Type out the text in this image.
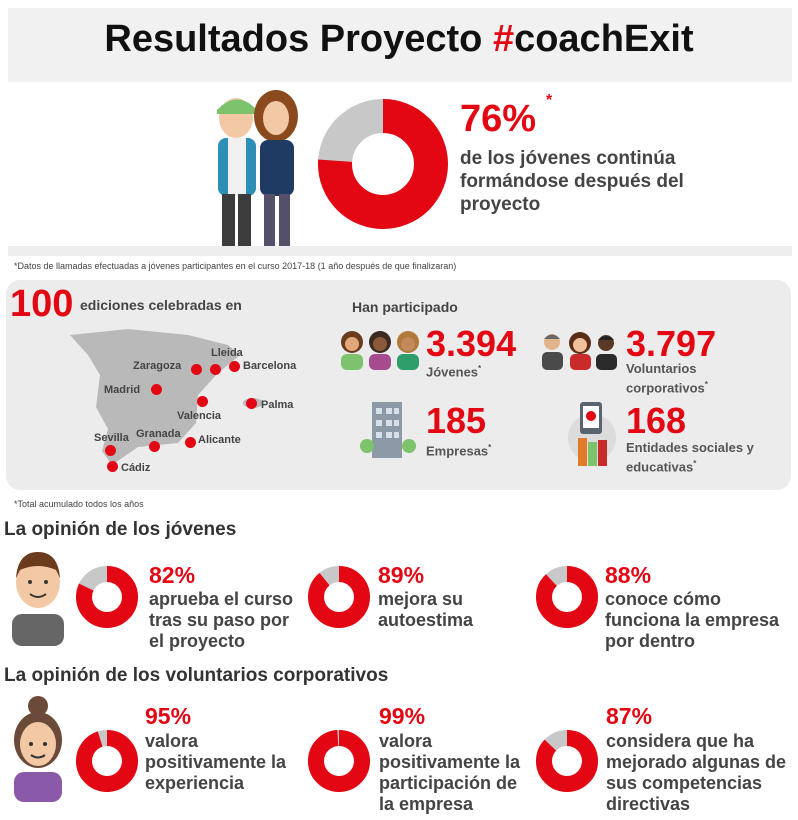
Resultados Proyecto #coachExit
76% *
de los jóvenes continúa formándose después del proyecto
*Datos de llamadas efectuadas a jóvenes participantes en el curso 2017-18 (1 año después de que finalizaran)
100 ediciones celebradas en
Lleida
Zaragoza	Barcelona
Madrid
Valencia
Palma
Granada
Sevilla	Alicante
Cádiz
Han participado
3.394
Jóvenes*
3.797
Voluntarios corporativos*
185
Empresas*
168
Entidades sociales y educativas*
*Total acumulado todos los años
La opinión de los jóvenes
82%
aprueba el curso tras su paso por el proyecto
89%
mejora su autoestima
88%
conoce cómo funciona la empresa por dentro
La opinión de los voluntarios corporativos
95%
valora positivamente la experiencia
99%
valora positivamente la participación de la empresa
87%
considera que ha mejorado algunas de sus competencias directivas
